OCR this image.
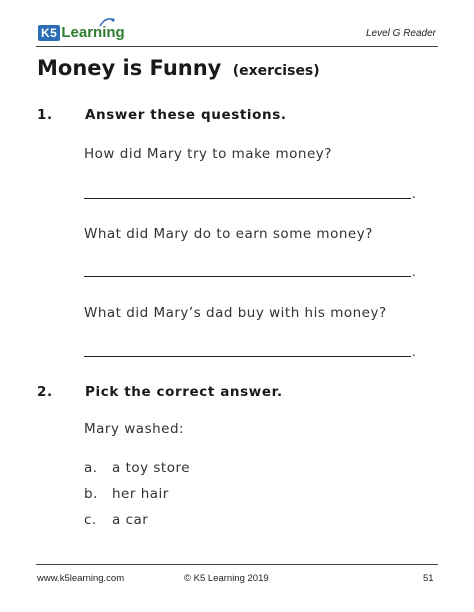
K5 Learning	Level G Reader
Money is Funny (exercises)
1. Answer these questions.
How did Mary try to make money?
.
What did Mary do to earn some money?
.
What did Mary’s dad buy with his money?
.
2. Pick the correct answer.
Mary washed:
a. a toy store
b. her hair
c. a car
www.k5learning.com	© K5 Learning 2019	51
